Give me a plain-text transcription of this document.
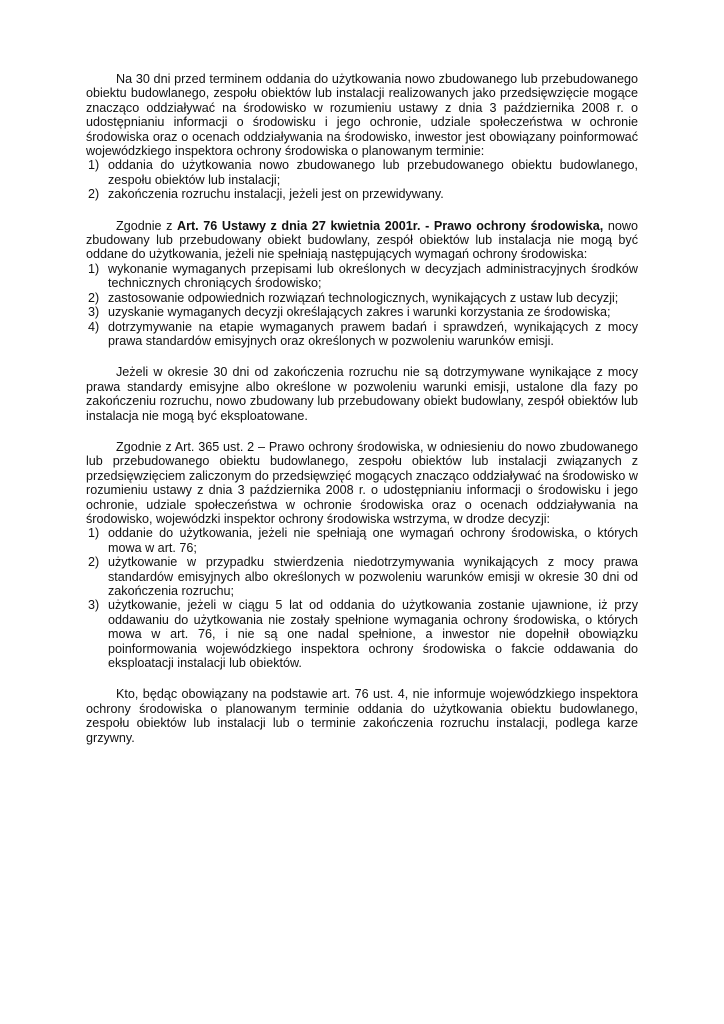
Na 30 dni przed terminem oddania do użytkowania nowo zbudowanego lub przebudowanego obiektu budowlanego, zespołu obiektów lub instalacji realizowanych jako przedsięwzięcie mogące znacząco oddziaływać na środowisko w rozumieniu ustawy z dnia 3 października 2008 r. o udostępnianiu informacji o środowisku i jego ochronie, udziale społeczeństwa w ochronie środowiska oraz o ocenach oddziaływania na środowisko, inwestor jest obowiązany poinformować wojewódzkiego inspektora ochrony środowiska o planowanym terminie:

1) oddania do użytkowania nowo zbudowanego lub przebudowanego obiektu budowlanego, zespołu obiektów lub instalacji;
2) zakończenia rozruchu instalacji, jeżeli jest on przewidywany.

Zgodnie z Art. 76 Ustawy z dnia 27 kwietnia 2001r. - Prawo ochrony środowiska, nowo zbudowany lub przebudowany obiekt budowlany, zespół obiektów lub instalacja nie mogą być oddane do użytkowania, jeżeli nie spełniają następujących wymagań ochrony środowiska:

1) wykonanie wymaganych przepisami lub określonych w decyzjach administracyjnych środków technicznych chroniących środowisko;
2) zastosowanie odpowiednich rozwiązań technologicznych, wynikających z ustaw lub decyzji;
3) uzyskanie wymaganych decyzji określających zakres i warunki korzystania ze środowiska;
4) dotrzymywanie na etapie wymaganych prawem badań i sprawdzeń, wynikających z mocy prawa standardów emisyjnych oraz określonych w pozwoleniu warunków emisji.

Jeżeli w okresie 30 dni od zakończenia rozruchu nie są dotrzymywane wynikające z mocy prawa standardy emisyjne albo określone w pozwoleniu warunki emisji, ustalone dla fazy po zakończeniu rozruchu, nowo zbudowany lub przebudowany obiekt budowlany, zespół obiektów lub instalacja nie mogą być eksploatowane.

Zgodnie z Art. 365 ust. 2 – Prawo ochrony środowiska, w odniesieniu do nowo zbudowanego lub przebudowanego obiektu budowlanego, zespołu obiektów lub instalacji związanych z przedsięwzięciem zaliczonym do przedsięwzięć mogących znacząco oddziaływać na środowisko w rozumieniu ustawy z dnia 3 października 2008 r. o udostępnianiu informacji o środowisku i jego ochronie, udziale społeczeństwa w ochronie środowiska oraz o ocenach oddziaływania na środowisko, wojewódzki inspektor ochrony środowiska wstrzyma, w drodze decyzji:

1) oddanie do użytkowania, jeżeli nie spełniają one wymagań ochrony środowiska, o których mowa w art. 76;
2) użytkowanie w przypadku stwierdzenia niedotrzymywania wynikających z mocy prawa standardów emisyjnych albo określonych w pozwoleniu warunków emisji w okresie 30 dni od zakończenia rozruchu;
3) użytkowanie, jeżeli w ciągu 5 lat od oddania do użytkowania zostanie ujawnione, iż przy oddawaniu do użytkowania nie zostały spełnione wymagania ochrony środowiska, o których mowa w art. 76, i nie są one nadal spełnione, a inwestor nie dopełnił obowiązku poinformowania wojewódzkiego inspektora ochrony środowiska o fakcie oddawania do eksploatacji instalacji lub obiektów.

Kto, będąc obowiązany na podstawie art. 76 ust. 4, nie informuje wojewódzkiego inspektora ochrony środowiska o planowanym terminie oddania do użytkowania obiektu budowlanego, zespołu obiektów lub instalacji lub o terminie zakończenia rozruchu instalacji, podlega karze grzywny.
